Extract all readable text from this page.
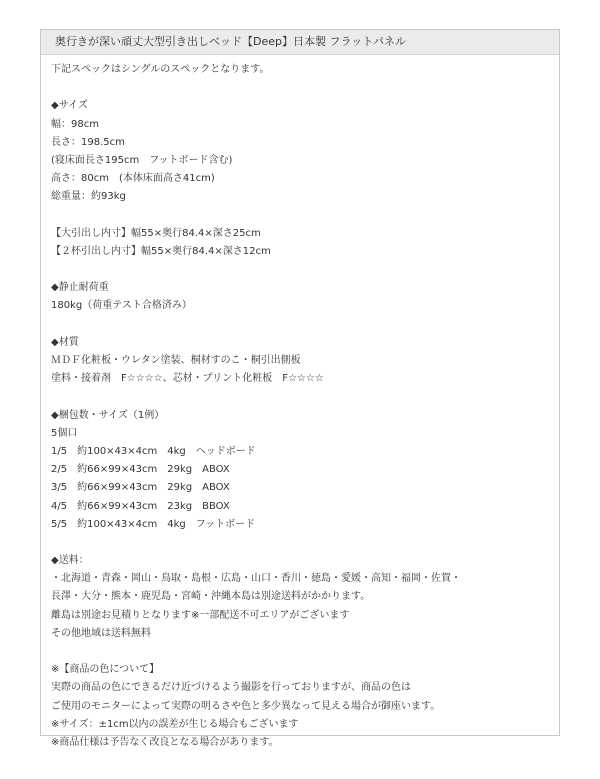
奥行きが深い頑丈大型引き出しベッド【Deep】日本製 フラットパネル
下記スペックはシングルのスペックとなります。
◆サイズ
幅：98cm
長さ：198.5cm
(寝床面長さ195cm　フットボード含む)
高さ：80cm　(本体床面高さ41cm)
総重量：約93kg
【大引出し内寸】幅55×奥行84.4×深さ25cm
【２杯引出し内寸】幅55×奥行84.4×深さ12cm
◆静止耐荷重
180kg（荷重テスト合格済み）
◆材質
ＭＤＦ化粧板・ウレタン塗装、桐材すのこ・桐引出側板
塗料・接着剤　F☆☆☆☆、芯材・プリント化粧板　F☆☆☆☆
◆梱包数・サイズ（1例）
5個口
1/5　約100×43×4cm　4kg　ヘッドボード
2/5　約66×99×43cm　29kg　ABOX
3/5　約66×99×43cm　29kg　ABOX
4/5　約66×99×43cm　23kg　BBOX
5/5　約100×43×4cm　4kg　フットボード
◆送料：
・北海道・青森・岡山・鳥取・島根・広島・山口・香川・徳島・愛媛・高知・福岡・佐賀・
長澤・大分・熊本・鹿児島・宮崎・沖縄本島は別途送料がかかります。
離島は別途お見積りとなります※一部配送不可エリアがございます
その他地域は送料無料
※【商品の色について】
実際の商品の色にできるだけ近づけるよう撮影を行っておりますが、商品の色は
ご使用のモニターによって実際の明るさや色と多少異なって見える場合が御座います。
※サイズ：±1cm以内の誤差が生じる場合もございます
※商品仕様は予告なく改良となる場合があります。
